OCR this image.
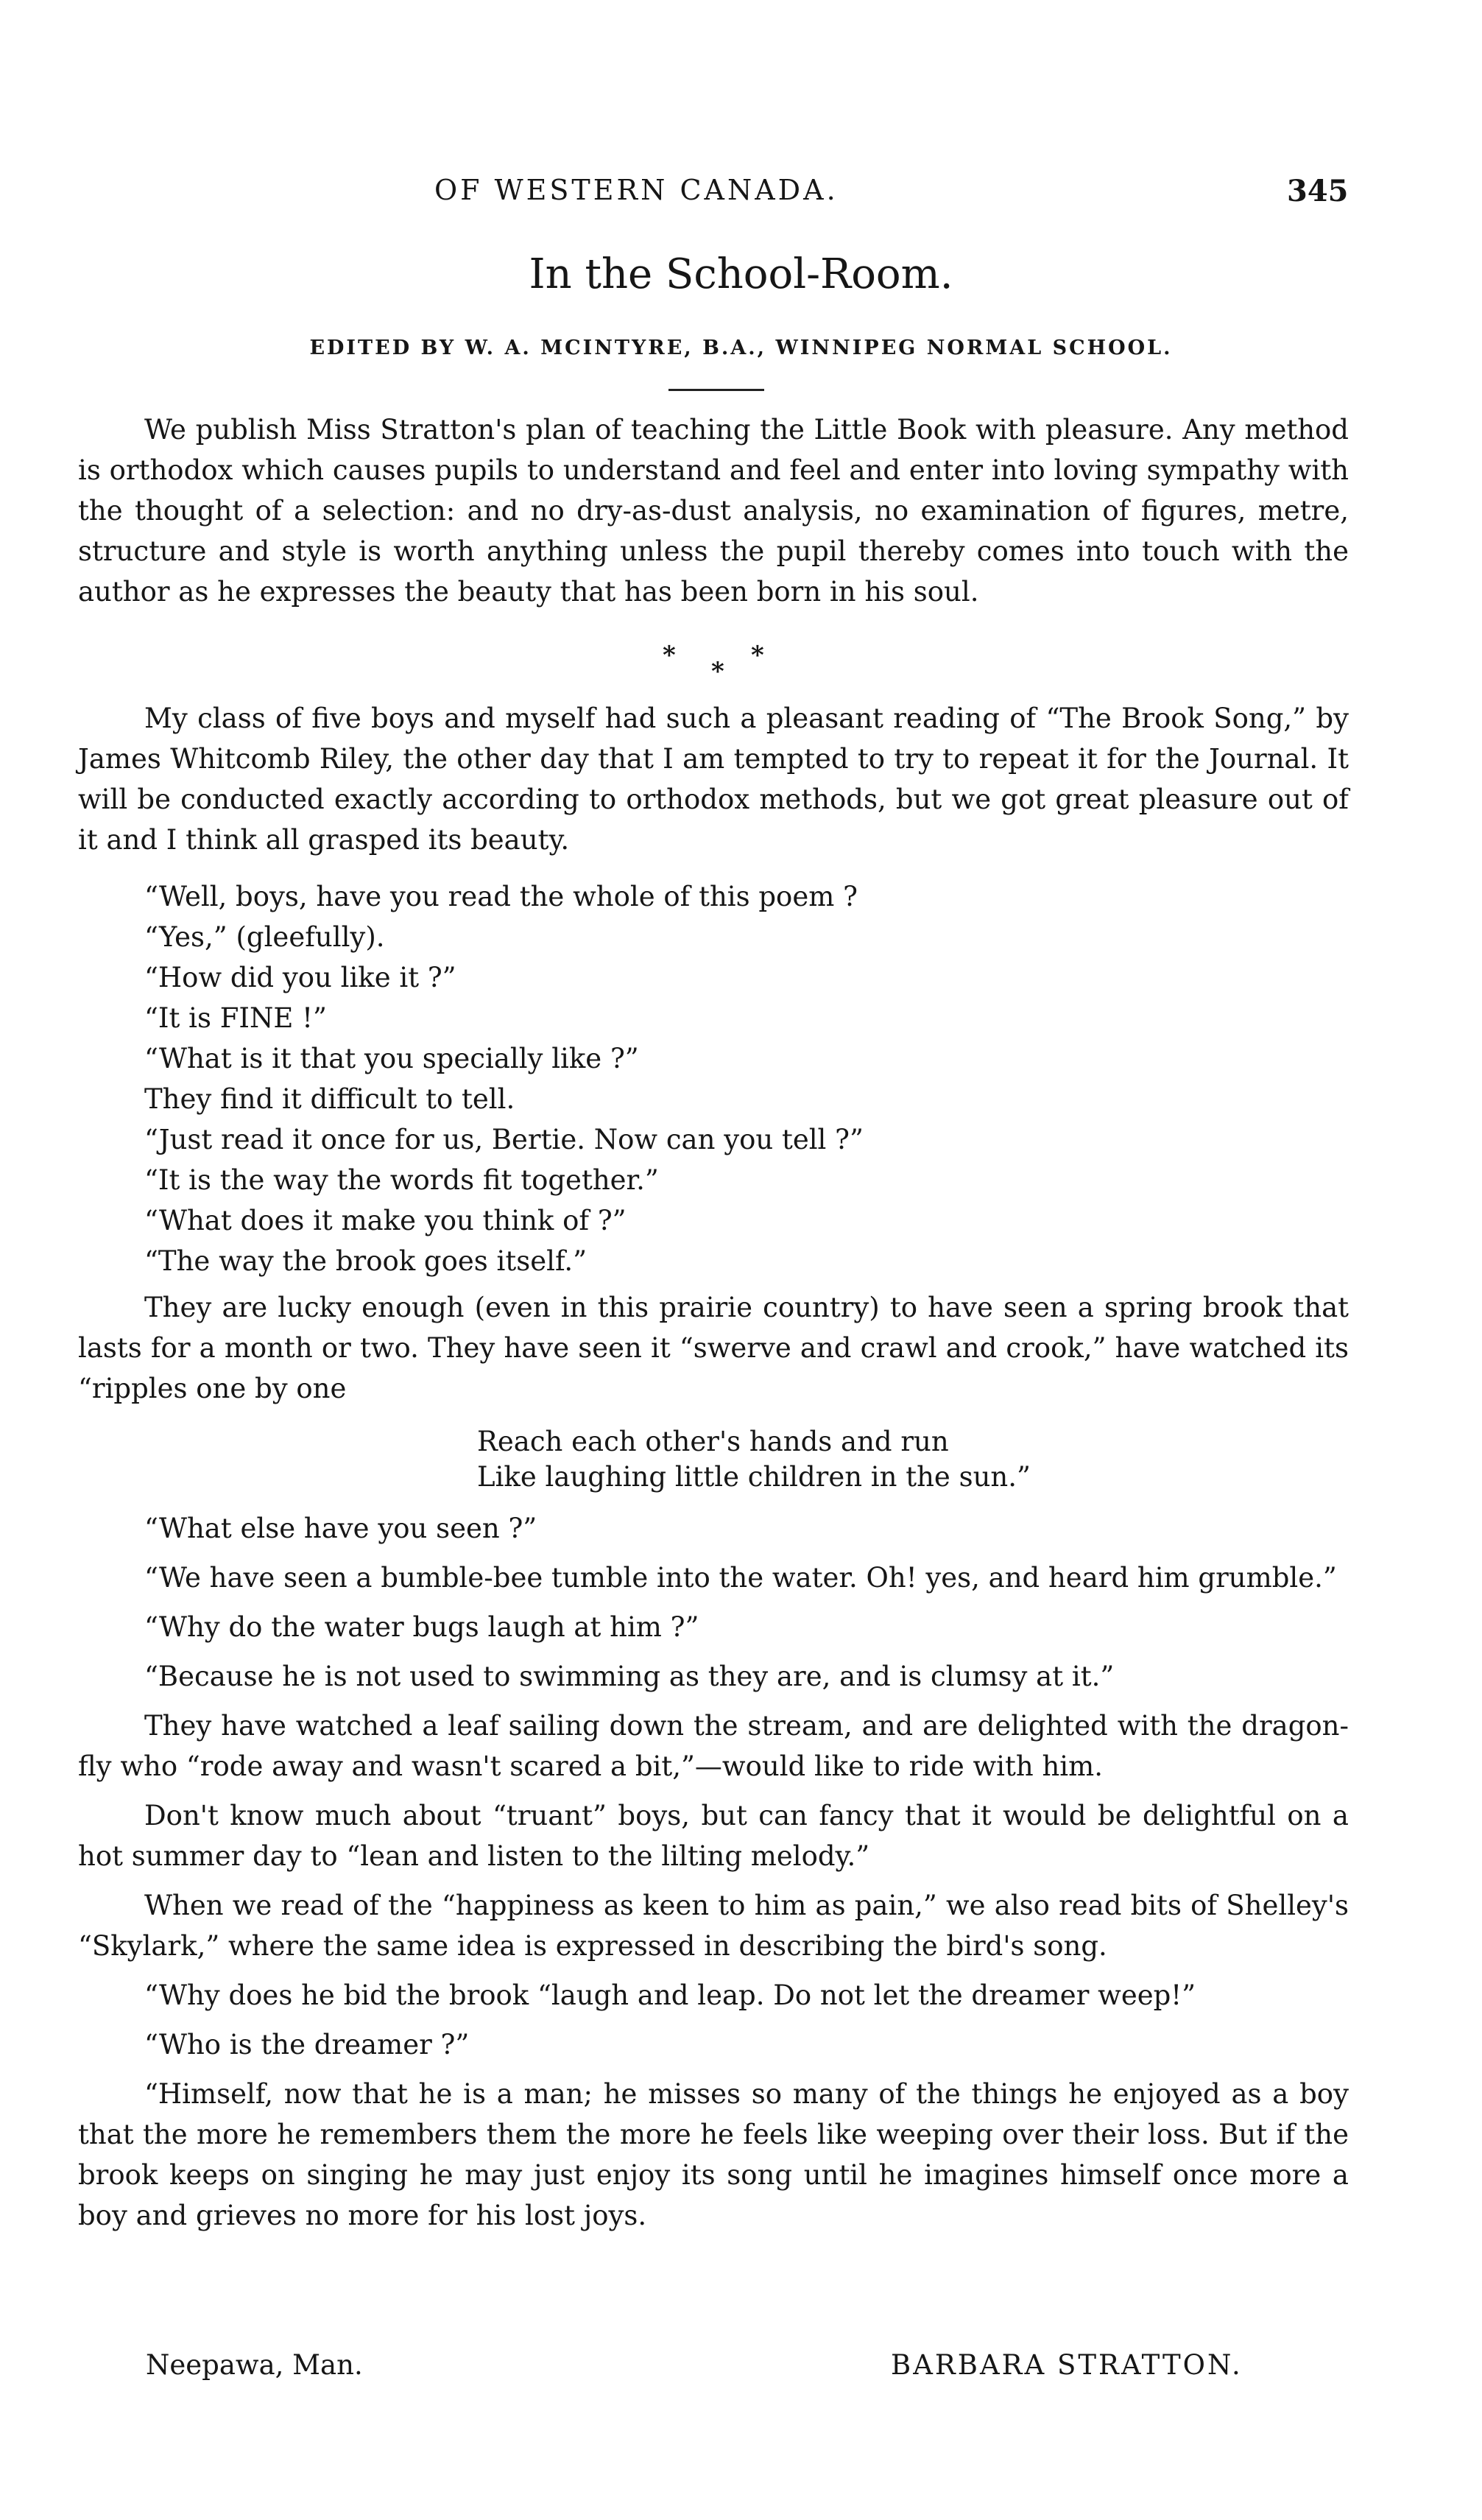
OF WESTERN CANADA.	345
In the School-Room.
EDITED BY W. A. MCINTYRE, B.A., WINNIPEG NORMAL SCHOOL.

We publish Miss Stratton's plan of teaching the Little Book with pleasure. Any method is orthodox which causes pupils to understand and feel and enter into loving sympathy with the thought of a selection: and no dry-as-dust analysis, no examination of figures, metre, structure and style is worth anything unless the pupil thereby comes into touch with the author as he expresses the beauty that has been born in his soul.

*
*
*

My class of five boys and myself had such a pleasant reading of “The Brook Song,” by James Whitcomb Riley, the other day that I am tempted to try to repeat it for the Journal. It will be conducted exactly according to orthodox methods, but we got great pleasure out of it and I think all grasped its beauty.

“Well, boys, have you read the whole of this poem ?

“Yes,” (gleefully).

“How did you like it ?”

“It is FINE !”

“What is it that you specially like ?”

They find it difficult to tell.

“Just read it once for us, Bertie. Now can you tell ?”

“It is the way the words fit together.”

“What does it make you think of ?”

“The way the brook goes itself.”

They are lucky enough (even in this prairie country) to have seen a spring brook that lasts for a month or two. They have seen it “swerve and crawl and crook,” have watched its “ripples one by one

Reach each other's hands and run
Like laughing little children in the sun.”

“What else have you seen ?”

“We have seen a bumble-bee tumble into the water. Oh! yes, and heard him grumble.”

“Why do the water bugs laugh at him ?”

“Because he is not used to swimming as they are, and is clumsy at it.”

They have watched a leaf sailing down the stream, and are delighted with the dragon-fly who “rode away and wasn't scared a bit,”—would like to ride with him.

Don't know much about “truant” boys, but can fancy that it would be delightful on a hot summer day to “lean and listen to the lilting melody.”

When we read of the “happiness as keen to him as pain,” we also read bits of Shelley's “Skylark,” where the same idea is expressed in describing the bird's song.

“Why does he bid the brook “laugh and leap. Do not let the dreamer weep!”

“Who is the dreamer ?”

“Himself, now that he is a man; he misses so many of the things he enjoyed as a boy that the more he remembers them the more he feels like weeping over their loss. But if the brook keeps on singing he may just enjoy its song until he imagines himself once more a boy and grieves no more for his lost joys.

Neepawa, Man.	BARBARA STRATTON.
